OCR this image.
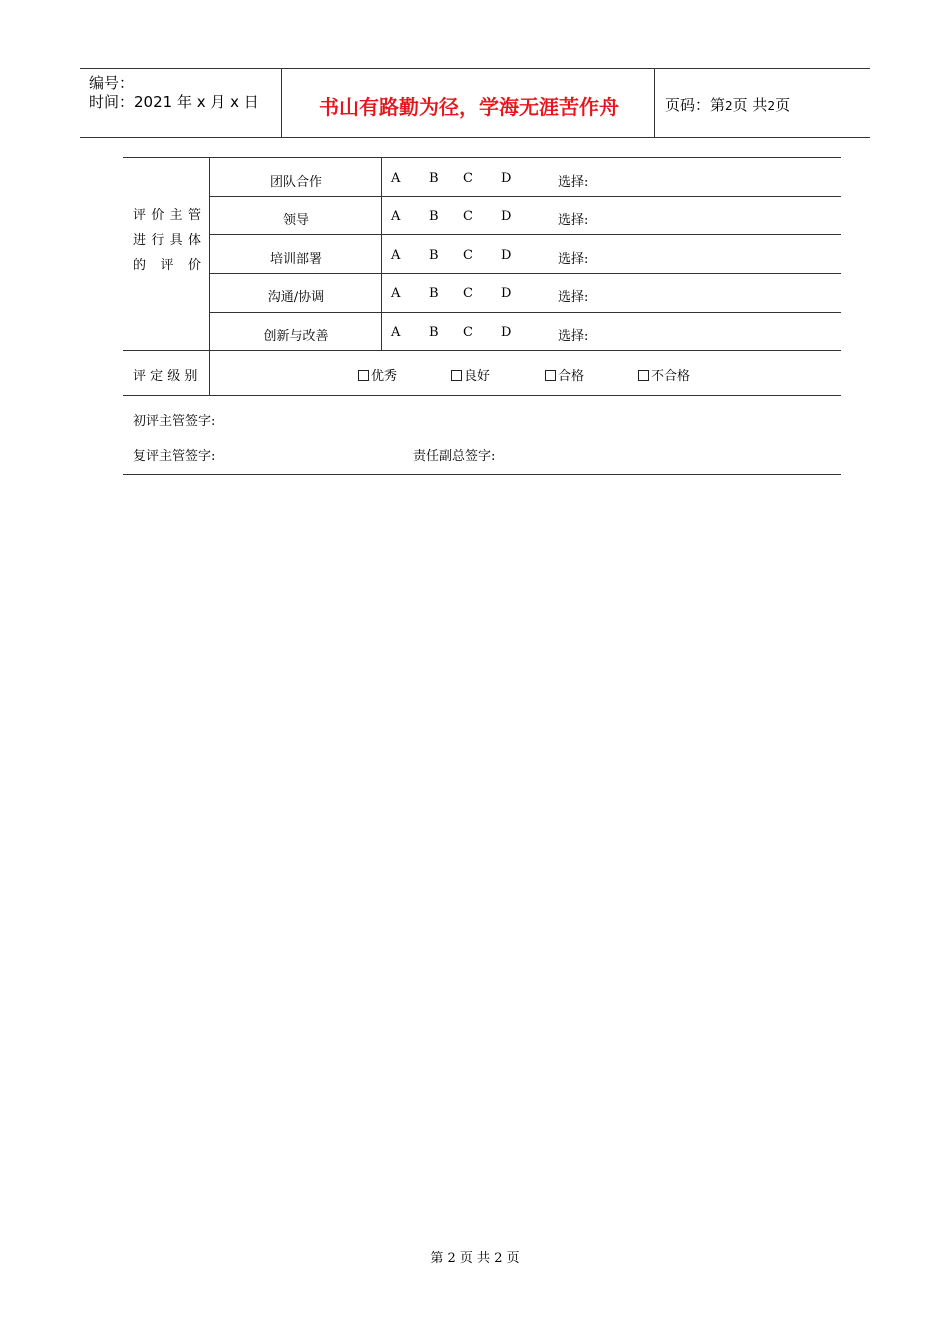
编号：
时间：2021 年 x 月 x 日	书山有路勤为径，学海无涯苦作舟	页码：第2页 共2页
评价主管
进行具体
的 评 价
团队合作	A B C D	选择:
领导	A B C D	选择:
培训部署	A B C D	选择:
沟通/协调	A B C D	选择:
创新与改善	A B C D	选择:
评 定 级 别	优秀	良好	合格	不合格
初评主管签字:
复评主管签字:	责任副总签字:
第 2 页 共 2 页
